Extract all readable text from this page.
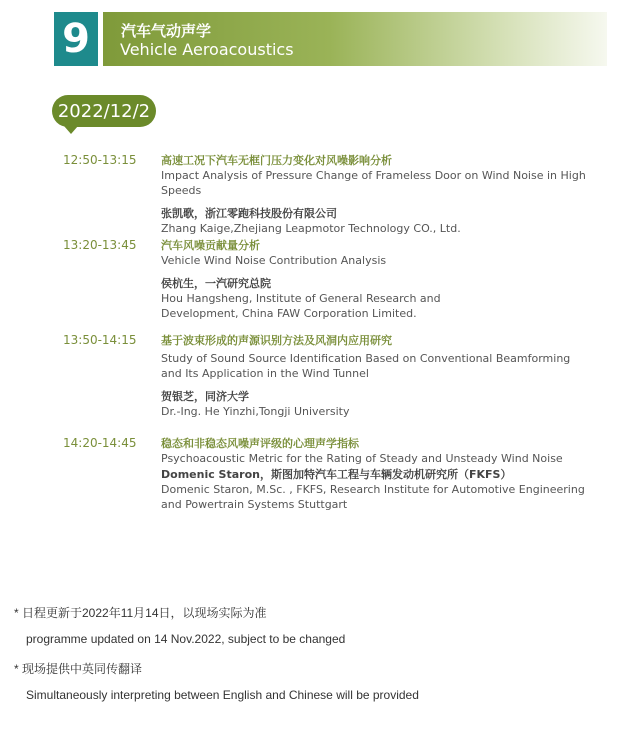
9	汽车气动声学
Vehicle Aeroacoustics
2022/12/2
12:50-13:15 高速工况下汽车无框门压力变化对风噪影响分析

Impact Analysis of Pressure Change of Frameless Door on Wind Noise in High Speeds

张凯歌，浙江零跑科技股份有限公司

Zhang Kaige,Zhejiang Leapmotor Technology CO., Ltd.

13:20-13:45 汽车风噪贡献量分析

Vehicle Wind Noise Contribution Analysis

侯杭生，一汽研究总院

Hou Hangsheng, Institute of General Research and Development, China FAW Corporation Limited.

13:50-14:15 基于波束形成的声源识别方法及风洞内应用研究

Study of Sound Source Identification Based on Conventional Beamforming and Its Application in the Wind Tunnel

贺银芝，同济大学

Dr.-Ing. He Yinzhi,Tongji University

14:20-14:45 稳态和非稳态风噪声评级的心理声学指标

Psychoacoustic Metric for the Rating of Steady and Unsteady Wind Noise

Domenic Staron，斯图加特汽车工程与车辆发动机研究所（FKFS）

Domenic Staron, M.Sc. , FKFS, Research Institute for Automotive Engineering and Powertrain Systems Stuttgart

* 日程更新于2022年11月14日，以现场实际为准
programme updated on 14 Nov.2022, subject to be changed
* 现场提供中英同传翻译
Simultaneously interpreting between English and Chinese will be provided
